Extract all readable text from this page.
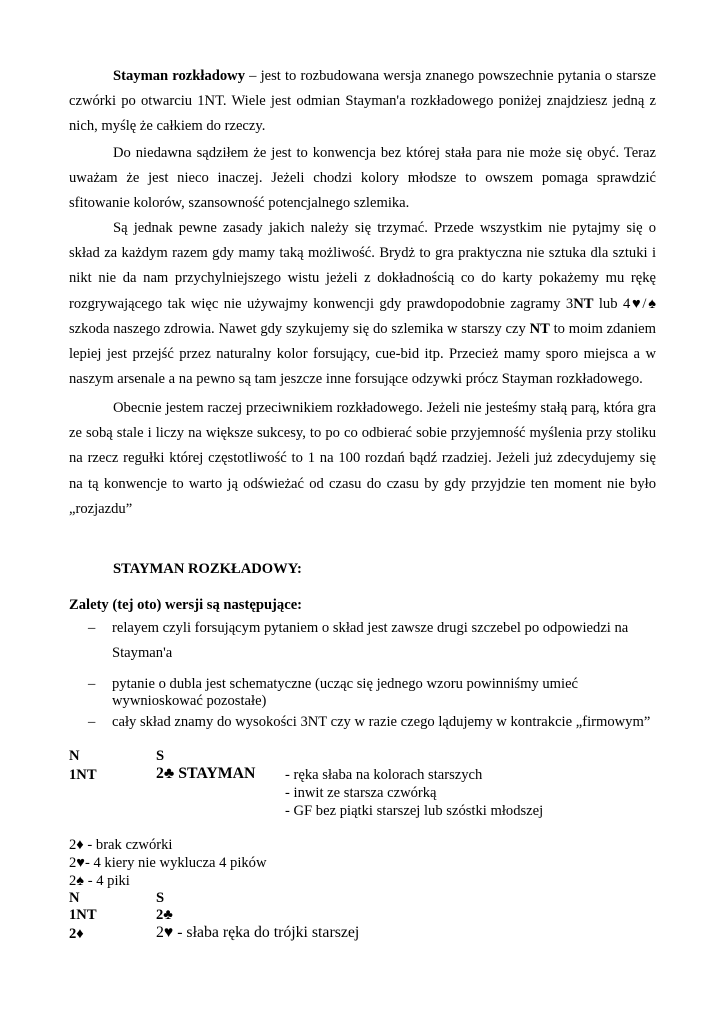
Stayman rozkładowy – jest to rozbudowana wersja znanego powszechnie pytania o starsze czwórki po otwarciu 1NT. Wiele jest odmian Stayman'a rozkładowego poniżej znajdziesz jedną z nich, myślę że całkiem do rzeczy.

Do niedawna sądziłem że jest to konwencja bez której stała para nie może się obyć. Teraz uważam że jest nieco inaczej. Jeżeli chodzi kolory młodsze to owszem pomaga sprawdzić sfitowanie kolorów, szansowność potencjalnego szlemika.

Są jednak pewne zasady jakich należy się trzymać. Przede wszystkim nie pytajmy się o skład za każdym razem gdy mamy taką możliwość. Brydż to gra praktyczna nie sztuka dla sztuki i nikt nie da nam przychylniejszego wistu jeżeli z dokładnością co do karty pokażemy mu rękę rozgrywającego tak więc nie używajmy konwencji gdy prawdopodobnie zagramy 3NT lub 4♥/♠ szkoda naszego zdrowia. Nawet gdy szykujemy się do szlemika w starszy czy NT to moim zdaniem lepiej jest przejść przez naturalny kolor forsujący, cue-bid itp. Przecież mamy sporo miejsca a w naszym arsenale a na pewno są tam jeszcze inne forsujące odzywki prócz Stayman rozkładowego.

Obecnie jestem raczej przeciwnikiem rozkładowego. Jeżeli nie jesteśmy stałą parą, która gra ze sobą stale i liczy na większe sukcesy, to po co odbierać sobie przyjemność myślenia przy stoliku na rzecz regułki której częstotliwość to 1 na 100 rozdań bądź rzadziej. Jeżeli już zdecydujemy się na tą konwencje to warto ją odświeżać od czasu do czasu by gdy przyjdzie ten moment nie było „rozjazdu”

STAYMAN ROZKŁADOWY:

Zalety (tej oto) wersji są następujące:

– relayem czyli forsującym pytaniem o skład jest zawsze drugi szczebel po odpowiedzi na Stayman'a
– pytanie o dubla jest schematyczne (ucząc się jednego wzoru powinniśmy umieć wywnioskować pozostałe)
– cały skład znamy do wysokości 3NT czy w razie czego lądujemy w kontrakcie „firmowym”

N	S

1NT	2♣ STAYMAN - ręka słaba na kolorach starszych

- inwit ze starsza czwórką

- GF bez piątki starszej lub szóstki młodszej

2♦ - brak czwórki

2♥- 4 kiery nie wyklucza 4 pików

2♠ - 4 piki

N	S

1NT	2♣

2♦	2♥ - słaba ręka do trójki starszej
